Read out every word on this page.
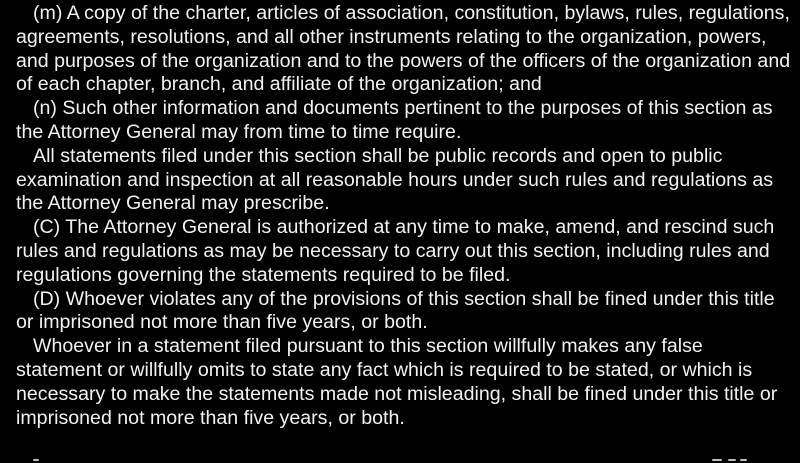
(m) A copy of the charter, articles of association, constitution, bylaws, rules, regulations, agreements, resolutions, and all other instruments relating to the organization, powers, and purposes of the organization and to the powers of the officers of the organization and of each chapter, branch, and affiliate of the organization; and

(n) Such other information and documents pertinent to the purposes of this section as the Attorney General may from time to time require.

All statements filed under this section shall be public records and open to public examination and inspection at all reasonable hours under such rules and regulations as the Attorney General may prescribe.

(C) The Attorney General is authorized at any time to make, amend, and rescind such rules and regulations as may be necessary to carry out this section, including rules and regulations governing the statements required to be filed.

(D) Whoever violates any of the provisions of this section shall be fined under this title or imprisoned not more than five years, or both.

Whoever in a statement filed pursuant to this section willfully makes any false statement or willfully omits to state any fact which is required to be stated, or which is necessary to make the statements made not misleading, shall be fined under this title or imprisoned not more than five years, or both.
